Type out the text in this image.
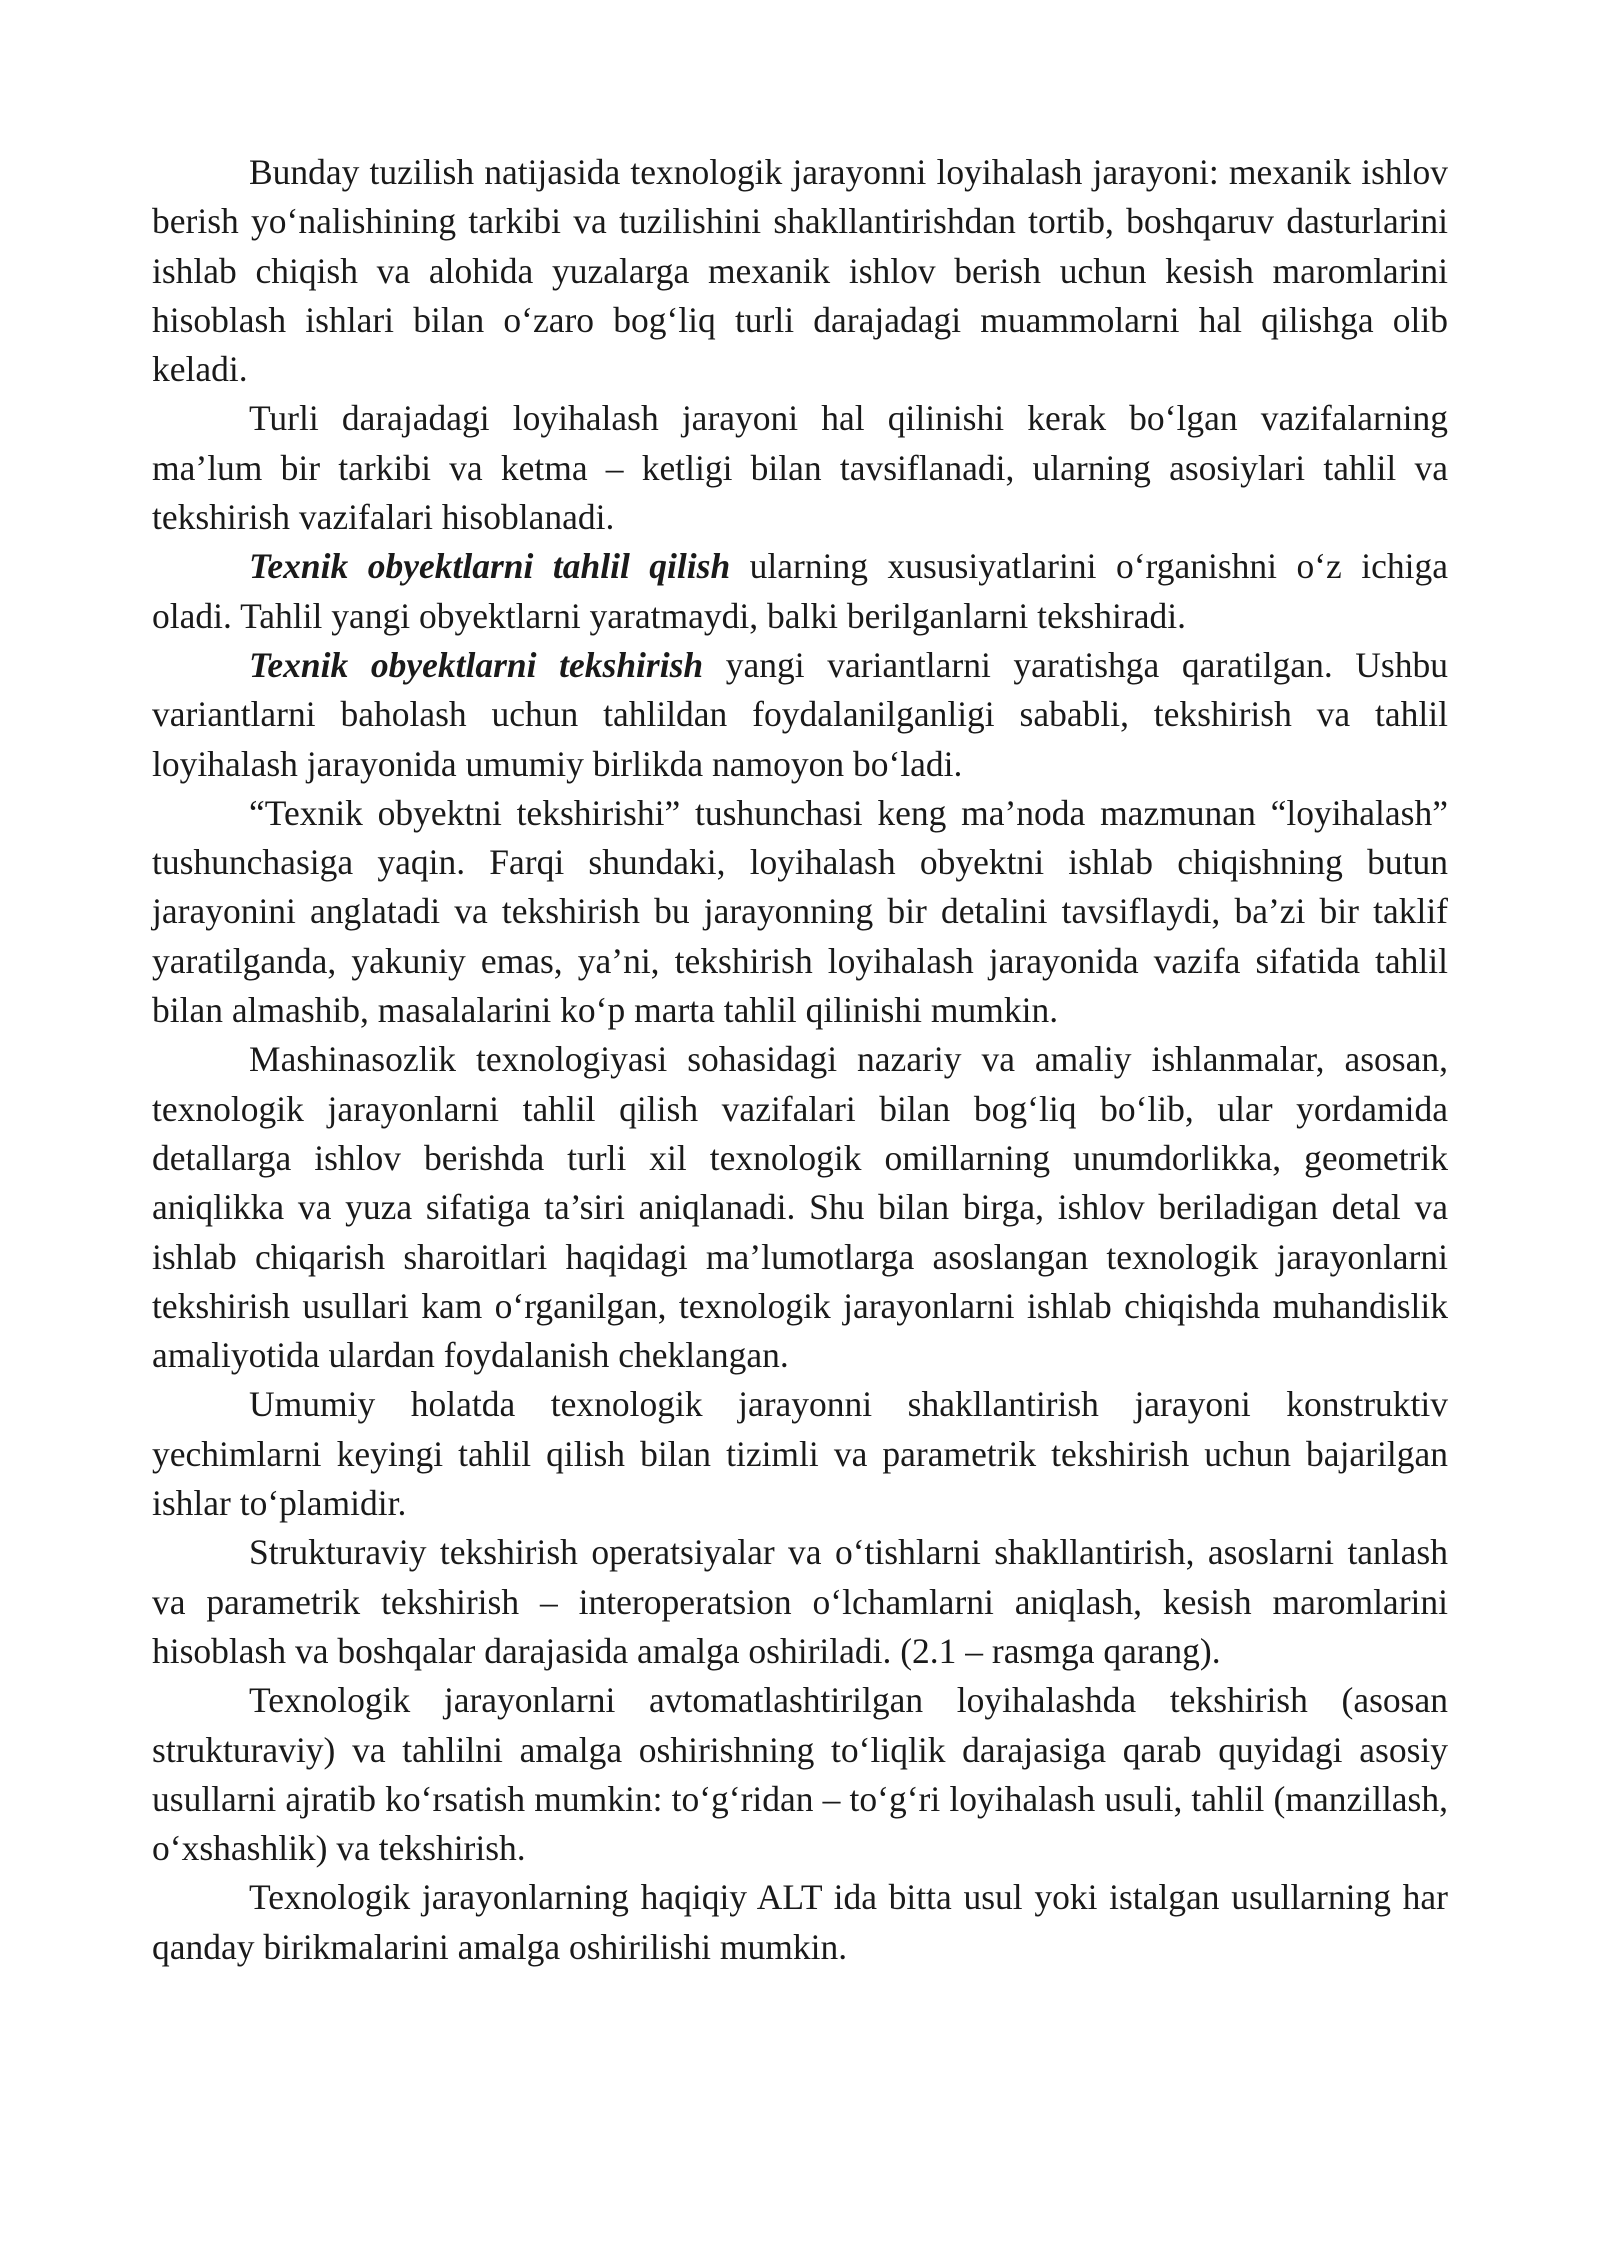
Bunday tuzilish natijasida texnologik jarayonni loyihalash jarayoni: mexanik ishlov berish yo‘nalishining tarkibi va tuzilishini shakllantirishdan tortib, boshqaruv dasturlarini ishlab chiqish va alohida yuzalarga mexanik ishlov berish uchun kesish maromlarini hisoblash ishlari bilan o‘zaro bog‘liq turli darajadagi muammolarni hal qilishga olib keladi.

Turli darajadagi loyihalash jarayoni hal qilinishi kerak bo‘lgan vazifalarning ma’lum bir tarkibi va ketma – ketligi bilan tavsiflanadi, ularning asosiylari tahlil va tekshirish vazifalari hisoblanadi.

Texnik obyektlarni tahlil qilish ularning xususiyatlarini o‘rganishni o‘z ichiga oladi. Tahlil yangi obyektlarni yaratmaydi, balki berilganlarni tekshiradi.

Texnik obyektlarni tekshirish yangi variantlarni yaratishga qaratilgan. Ushbu variantlarni baholash uchun tahlildan foydalanilganligi sababli, tekshirish va tahlil loyihalash jarayonida umumiy birlikda namoyon bo‘ladi.

“Texnik obyektni tekshirishi” tushunchasi keng ma’noda mazmunan “loyihalash” tushunchasiga yaqin. Farqi shundaki, loyihalash obyektni ishlab chiqishning butun jarayonini anglatadi va tekshirish bu jarayonning bir detalini tavsiflaydi, ba’zi bir taklif yaratilganda, yakuniy emas, ya’ni, tekshirish loyihalash jarayonida vazifa sifatida tahlil bilan almashib, masalalarini ko‘p marta tahlil qilinishi mumkin.

Mashinasozlik texnologiyasi sohasidagi nazariy va amaliy ishlanmalar, asosan, texnologik jarayonlarni tahlil qilish vazifalari bilan bog‘liq bo‘lib, ular yordamida detallarga ishlov berishda turli xil texnologik omillarning unumdorlikka, geometrik aniqlikka va yuza sifatiga ta’siri aniqlanadi. Shu bilan birga, ishlov beriladigan detal va ishlab chiqarish sharoitlari haqidagi ma’lumotlarga asoslangan texnologik jarayonlarni tekshirish usullari kam o‘rganilgan, texnologik jarayonlarni ishlab chiqishda muhandislik amaliyotida ulardan foydalanish cheklangan.

Umumiy holatda texnologik jarayonni shakllantirish jarayoni konstruktiv yechimlarni keyingi tahlil qilish bilan tizimli va parametrik tekshirish uchun bajarilgan ishlar to‘plamidir.

Strukturaviy tekshirish operatsiyalar va o‘tishlarni shakllantirish, asoslarni tanlash va parametrik tekshirish – interoperatsion o‘lchamlarni aniqlash, kesish maromlarini hisoblash va boshqalar darajasida amalga oshiriladi. (2.1 – rasmga qarang).

Texnologik jarayonlarni avtomatlashtirilgan loyihalashda tekshirish (asosan strukturaviy) va tahlilni amalga oshirishning to‘liqlik darajasiga qarab quyidagi asosiy usullarni ajratib ko‘rsatish mumkin: to‘g‘ridan – to‘g‘ri loyihalash usuli, tahlil (manzillash, o‘xshashlik) va tekshirish.

Texnologik jarayonlarning haqiqiy ALT ida bitta usul yoki istalgan usullarning har qanday birikmalarini amalga oshirilishi mumkin.
